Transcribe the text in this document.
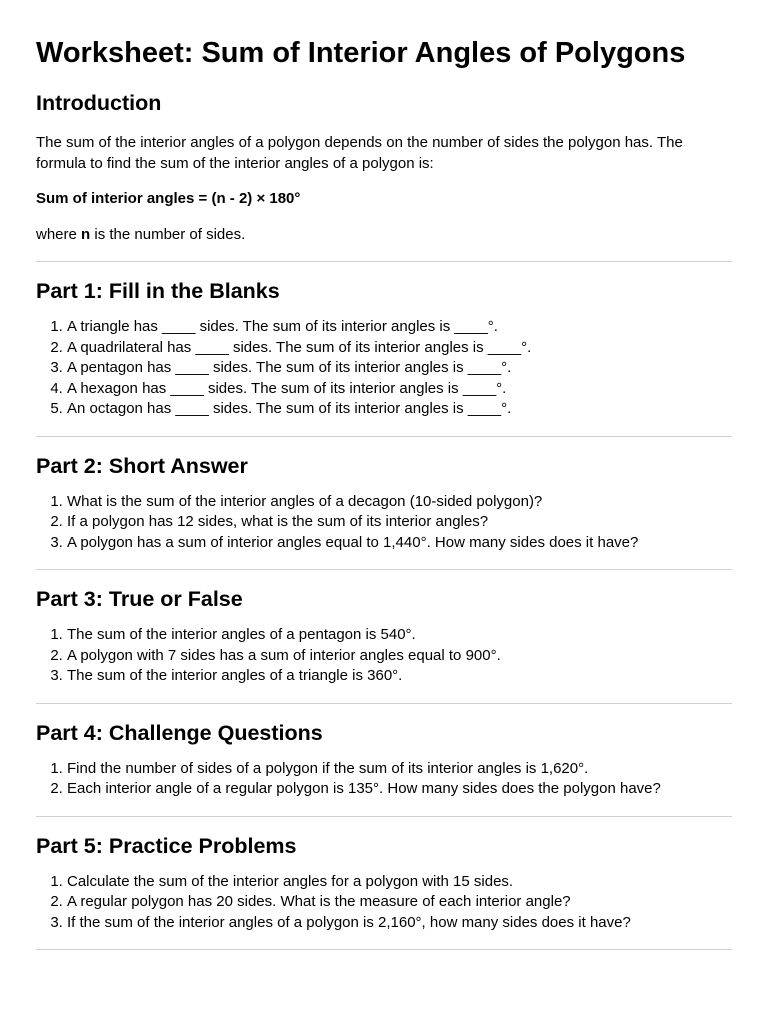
Worksheet: Sum of Interior Angles of Polygons
Introduction

The sum of the interior angles of a polygon depends on the number of sides the polygon has. The formula to find the sum of the interior angles of a polygon is:

Sum of interior angles = (n - 2) × 180°

where n is the number of sides.

Part 1: Fill in the Blanks
1. A triangle has ____ sides. The sum of its interior angles is ____°.
2. A quadrilateral has ____ sides. The sum of its interior angles is ____°.
3. A pentagon has ____ sides. The sum of its interior angles is ____°.
4. A hexagon has ____ sides. The sum of its interior angles is ____°.
5. An octagon has ____ sides. The sum of its interior angles is ____°.
Part 2: Short Answer
1. What is the sum of the interior angles of a decagon (10-sided polygon)?
2. If a polygon has 12 sides, what is the sum of its interior angles?
3. A polygon has a sum of interior angles equal to 1,440°. How many sides does it have?
Part 3: True or False
1. The sum of the interior angles of a pentagon is 540°.
2. A polygon with 7 sides has a sum of interior angles equal to 900°.
3. The sum of the interior angles of a triangle is 360°.
Part 4: Challenge Questions
1. Find the number of sides of a polygon if the sum of its interior angles is 1,620°.
2. Each interior angle of a regular polygon is 135°. How many sides does the polygon have?
Part 5: Practice Problems
1. Calculate the sum of the interior angles for a polygon with 15 sides.
2. A regular polygon has 20 sides. What is the measure of each interior angle?
3. If the sum of the interior angles of a polygon is 2,160°, how many sides does it have?
